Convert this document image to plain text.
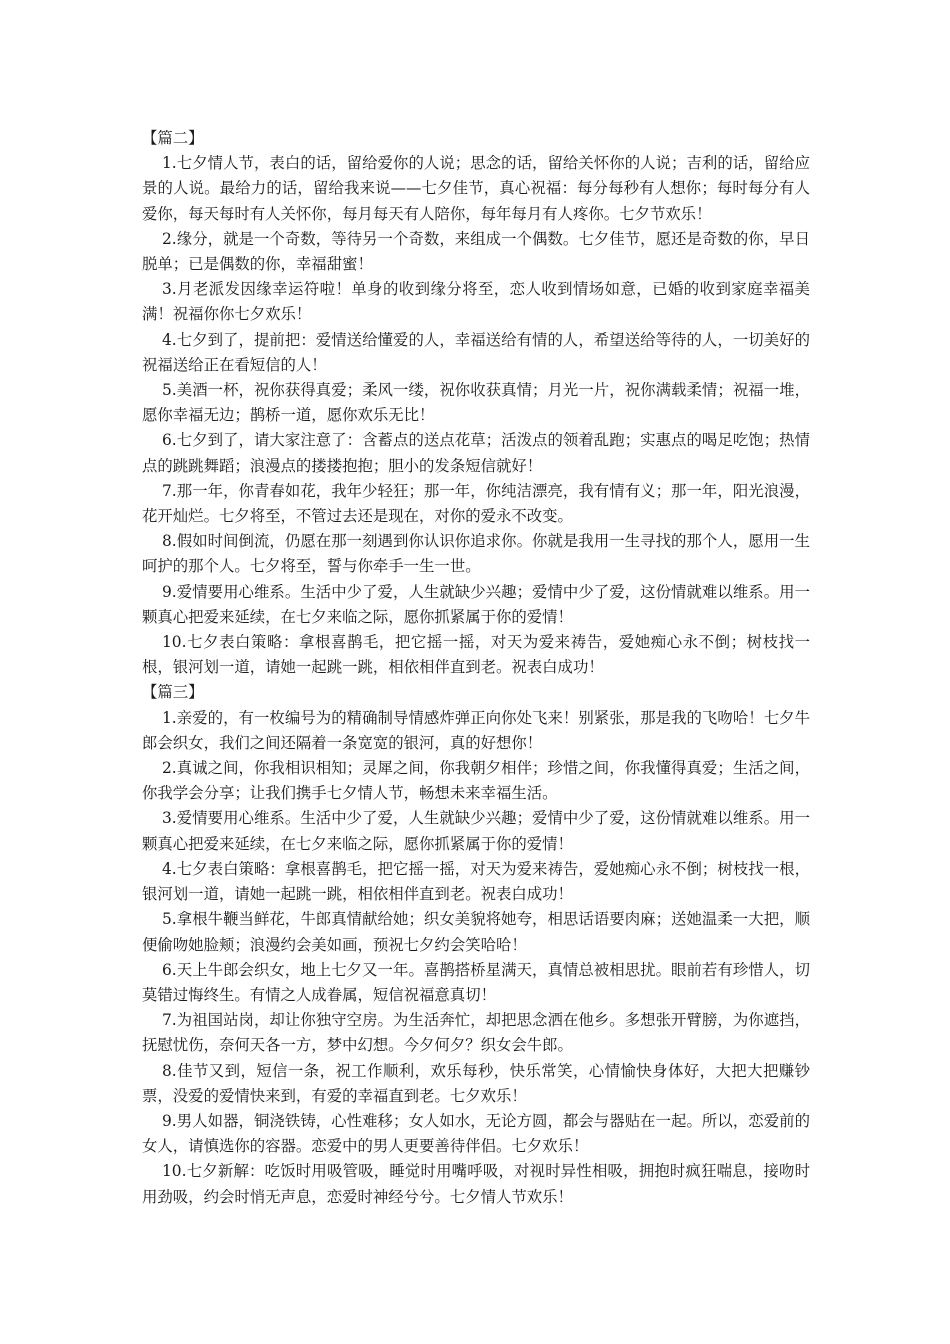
【篇二】

1.七夕情人节，表白的话，留给爱你的人说；思念的话，留给关怀你的人说；吉利的话，留给应景的人说。最给力的话，留给我来说——七夕佳节，真心祝福：每分每秒有人想你；每时每分有人爱你，每天每时有人关怀你，每月每天有人陪你，每年每月有人疼你。七夕节欢乐！

2.缘分，就是一个奇数，等待另一个奇数，来组成一个偶数。七夕佳节，愿还是奇数的你，早日脱单；已是偶数的你，幸福甜蜜！

3.月老派发因缘幸运符啦！单身的收到缘分将至，恋人收到情场如意，已婚的收到家庭幸福美满！祝福你你七夕欢乐！

4.七夕到了，提前把：爱情送给懂爱的人，幸福送给有情的人，希望送给等待的人，一切美好的祝福送给正在看短信的人！

5.美酒一杯，祝你获得真爱；柔风一缕，祝你收获真情；月光一片，祝你满载柔情；祝福一堆，愿你幸福无边；鹊桥一道，愿你欢乐无比！

6.七夕到了，请大家注意了：含蓄点的送点花草；活泼点的领着乱跑；实惠点的喝足吃饱；热情点的跳跳舞蹈；浪漫点的搂搂抱抱；胆小的发条短信就好！

7.那一年，你青春如花，我年少轻狂；那一年，你纯洁漂亮，我有情有义；那一年，阳光浪漫，花开灿烂。七夕将至，不管过去还是现在，对你的爱永不改变。

8.假如时间倒流，仍愿在那一刻遇到你认识你追求你。你就是我用一生寻找的那个人，愿用一生呵护的那个人。七夕将至，誓与你牵手一生一世。

9.爱情要用心维系。生活中少了爱，人生就缺少兴趣；爱情中少了爱，这份情就难以维系。用一颗真心把爱来延续，在七夕来临之际，愿你抓紧属于你的爱情！

10.七夕表白策略：拿根喜鹊毛，把它摇一摇，对天为爱来祷告，爱她痴心永不倒；树枝找一根，银河划一道，请她一起跳一跳，相依相伴直到老。祝表白成功！

【篇三】

1.亲爱的，有一枚编号为的精确制导情感炸弹正向你处飞来！别紧张，那是我的飞吻哈！七夕牛郎会织女，我们之间还隔着一条宽宽的银河，真的好想你！

2.真诚之间，你我相识相知；灵犀之间，你我朝夕相伴；珍惜之间，你我懂得真爱；生活之间，你我学会分享；让我们携手七夕情人节，畅想未来幸福生活。

3.爱情要用心维系。生活中少了爱，人生就缺少兴趣；爱情中少了爱，这份情就难以维系。用一颗真心把爱来延续，在七夕来临之际，愿你抓紧属于你的爱情！

4.七夕表白策略：拿根喜鹊毛，把它摇一摇，对天为爱来祷告，爱她痴心永不倒；树枝找一根，银河划一道，请她一起跳一跳，相依相伴直到老。祝表白成功！

5.拿根牛鞭当鲜花，牛郎真情献给她；织女美貌将她夸，相思话语要肉麻；送她温柔一大把，顺便偷吻她脸颊；浪漫约会美如画，预祝七夕约会笑哈哈！

6.天上牛郎会织女，地上七夕又一年。喜鹊搭桥星满天，真情总被相思扰。眼前若有珍惜人，切莫错过悔终生。有情之人成眷属，短信祝福意真切！

7.为祖国站岗，却让你独守空房。为生活奔忙，却把思念洒在他乡。多想张开臂膀，为你遮挡，抚慰忧伤，奈何天各一方，梦中幻想。今夕何夕？织女会牛郎。

8.佳节又到，短信一条，祝工作顺利，欢乐每秒，快乐常笑，心情愉快身体好，大把大把赚钞票，没爱的爱情快来到，有爱的幸福直到老。七夕欢乐！

9.男人如器，铜浇铁铸，心性难移；女人如水，无论方圆，都会与器贴在一起。所以，恋爱前的女人，请慎选你的容器。恋爱中的男人更要善待伴侣。七夕欢乐！

10.七夕新解：吃饭时用吸管吸，睡觉时用嘴呼吸，对视时异性相吸，拥抱时疯狂喘息，接吻时用劲吸，约会时悄无声息，恋爱时神经兮兮。七夕情人节欢乐！
